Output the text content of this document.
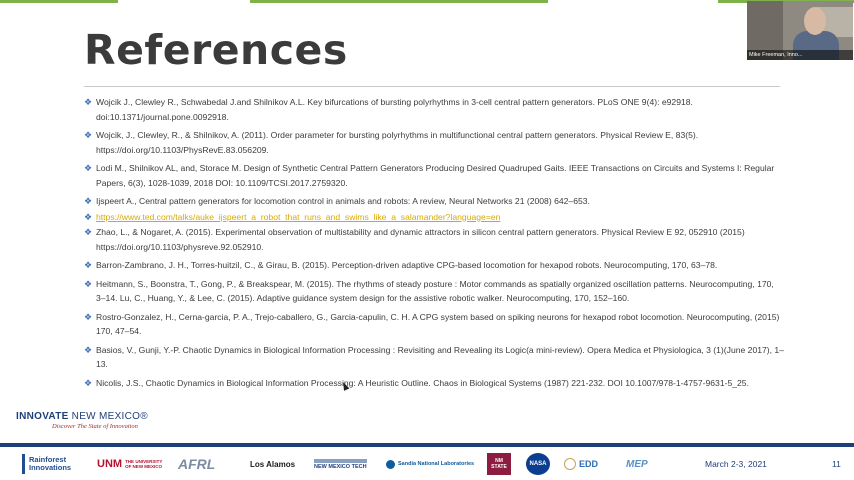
References
❖ Wojcik J., Clewley R., Schwabedal J.and Shilnikov A.L. Key bifurcations of bursting polyrhythms in 3-cell central pattern generators. PLoS ONE 9(4): e92918. doi:10.1371/journal.pone.0092918.
❖ Wojcik, J., Clewley, R., & Shilnikov, A. (2011). Order parameter for bursting polyrhythms in multifunctional central pattern generators. Physical Review E, 83(5). https://doi.org/10.1103/PhysRevE.83.056209.
❖ Lodi M., Shilnikov AL, and, Storace M. Design of Synthetic Central Pattern Generators Producing Desired Quadruped Gaits. IEEE Transactions on Circuits and Systems I: Regular Papers, 6(3), 1028-1039, 2018 DOI: 10.1109/TCSI.2017.2759320.
❖ Ijspeert A., Central pattern generators for locomotion control in animals and robots: A review, Neural Networks 21 (2008) 642–653.
❖ https://www.ted.com/talks/auke_ijspeert_a_robot_that_runs_and_swims_like_a_salamander?language=en
❖ Zhao, L., & Nogaret, A. (2015). Experimental observation of multistability and dynamic attractors in silicon central pattern generators. Physical Review E 92, 052910 (2015) https://doi.org/10.1103/physreve.92.052910.
❖ Barron-Zambrano, J. H., Torres-huitzil, C., & Girau, B. (2015). Perception-driven adaptive CPG-based locomotion for hexapod robots. Neurocomputing, 170, 63–78.
❖ Heitmann, S., Boonstra, T., Gong, P., & Breakspear, M. (2015). The rhythms of steady posture : Motor commands as spatially organized oscillation patterns. Neurocomputing, 170, 3–14. Lu, C., Huang, Y., & Lee, C. (2015). Adaptive guidance system design for the assistive robotic walker. Neurocomputing, 170, 152–160.
❖ Rostro-Gonzalez, H., Cerna-garcia, P. A., Trejo-caballero, G., Garcia-capulin, C. H. A CPG system based on spiking neurons for hexapod robot locomotion. Neurocomputing, (2015) 170, 47–54.
❖ Basios, V., Gunji, Y.-P. Chaotic Dynamics in Biological Information Processing : Revisiting and Revealing its Logic(a mini-review). Opera Medica et Physiologica, 3 (1)(June 2017), 1–13.
❖ Nicolis, J.S., Chaotic Dynamics in Biological Information Processing: A Heuristic Outline. Chaos in Biological Systems (1987) 221-232. DOI 10.1007/978-1-4757-9631-5_25.
INNOVATE NEW MEXICO®
Discover The State of Innovation
Rainforest Innovations	UNM THE UNIVERSITY OF NEW MEXICO	AFRL	Los Alamos	NEW MEXICO TECH	Sandia National Laboratories	NM STATE	NASA	EDD	MEP	March 2-3, 2021	11
Mike Freeman, Inno...
